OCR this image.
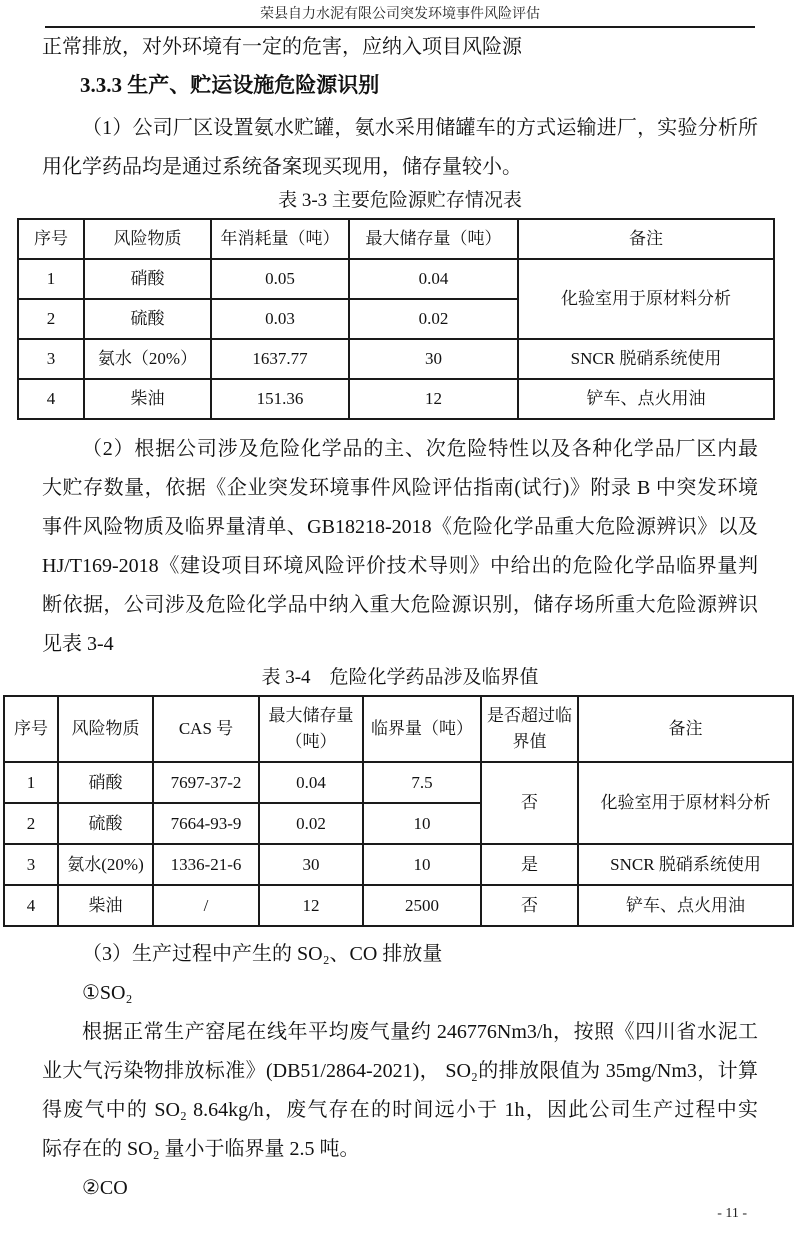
荣县自力水泥有限公司突发环境事件风险评估
正常排放，对外环境有一定的危害，应纳入项目风险源
3.3.3 生产、贮运设施危险源识别
（1）公司厂区设置氨水贮罐，氨水采用储罐车的方式运输进厂，实验分析所
用化学药品均是通过系统备案现买现用，储存量较小。
表 3-3 主要危险源贮存情况表
序号	风险物质	年消耗量（吨）	最大储存量（吨）	备注
1	硝酸	0.05	0.04	化验室用于原材料分析
2	硫酸	0.03	0.02	
3	氨水（20%）	1637.77	30	SNCR 脱硝系统使用
4	柴油	151.36	12	铲车、点火用油
（2）根据公司涉及危险化学品的主、次危险特性以及各种化学品厂区内最
大贮存数量，依据《企业突发环境事件风险评估指南(试行)》附录 B 中突发环境
事件风险物质及临界量清单、GB18218-2018《危险化学品重大危险源辨识》以及
HJ/T169-2018《建设项目环境风险评价技术导则》中给出的危险化学品临界量判
断依据，公司涉及危险化学品中纳入重大危险源识别，储存场所重大危险源辨识
见表 3-4
表 3-4　危险化学药品涉及临界值
序号	风险物质	CAS 号	最大储存量（吨）	临界量（吨）	是否超过临界值	备注
1	硝酸	7697-37-2	0.04	7.5	否	化验室用于原材料分析
2	硫酸	7664-93-9	0.02	10		
3	氨水(20%)	1336-21-6	30	10	是	SNCR 脱硝系统使用
4	柴油	/	12	2500	否	铲车、点火用油
（3）生产过程中产生的 SO₂、CO 排放量
①SO₂
根据正常生产窑尾在线年平均废气量约 246776Nm3/h，按照《四川省水泥工
业大气污染物排放标准》(DB51/2864-2021)， SO₂的排放限值为 35mg/Nm3，计算
得废气中的 SO₂ 8.64kg/h，废气存在的时间远小于 1h，因此公司生产过程中实
际存在的 SO₂ 量小于临界量 2.5 吨。
②CO
- 11 -
